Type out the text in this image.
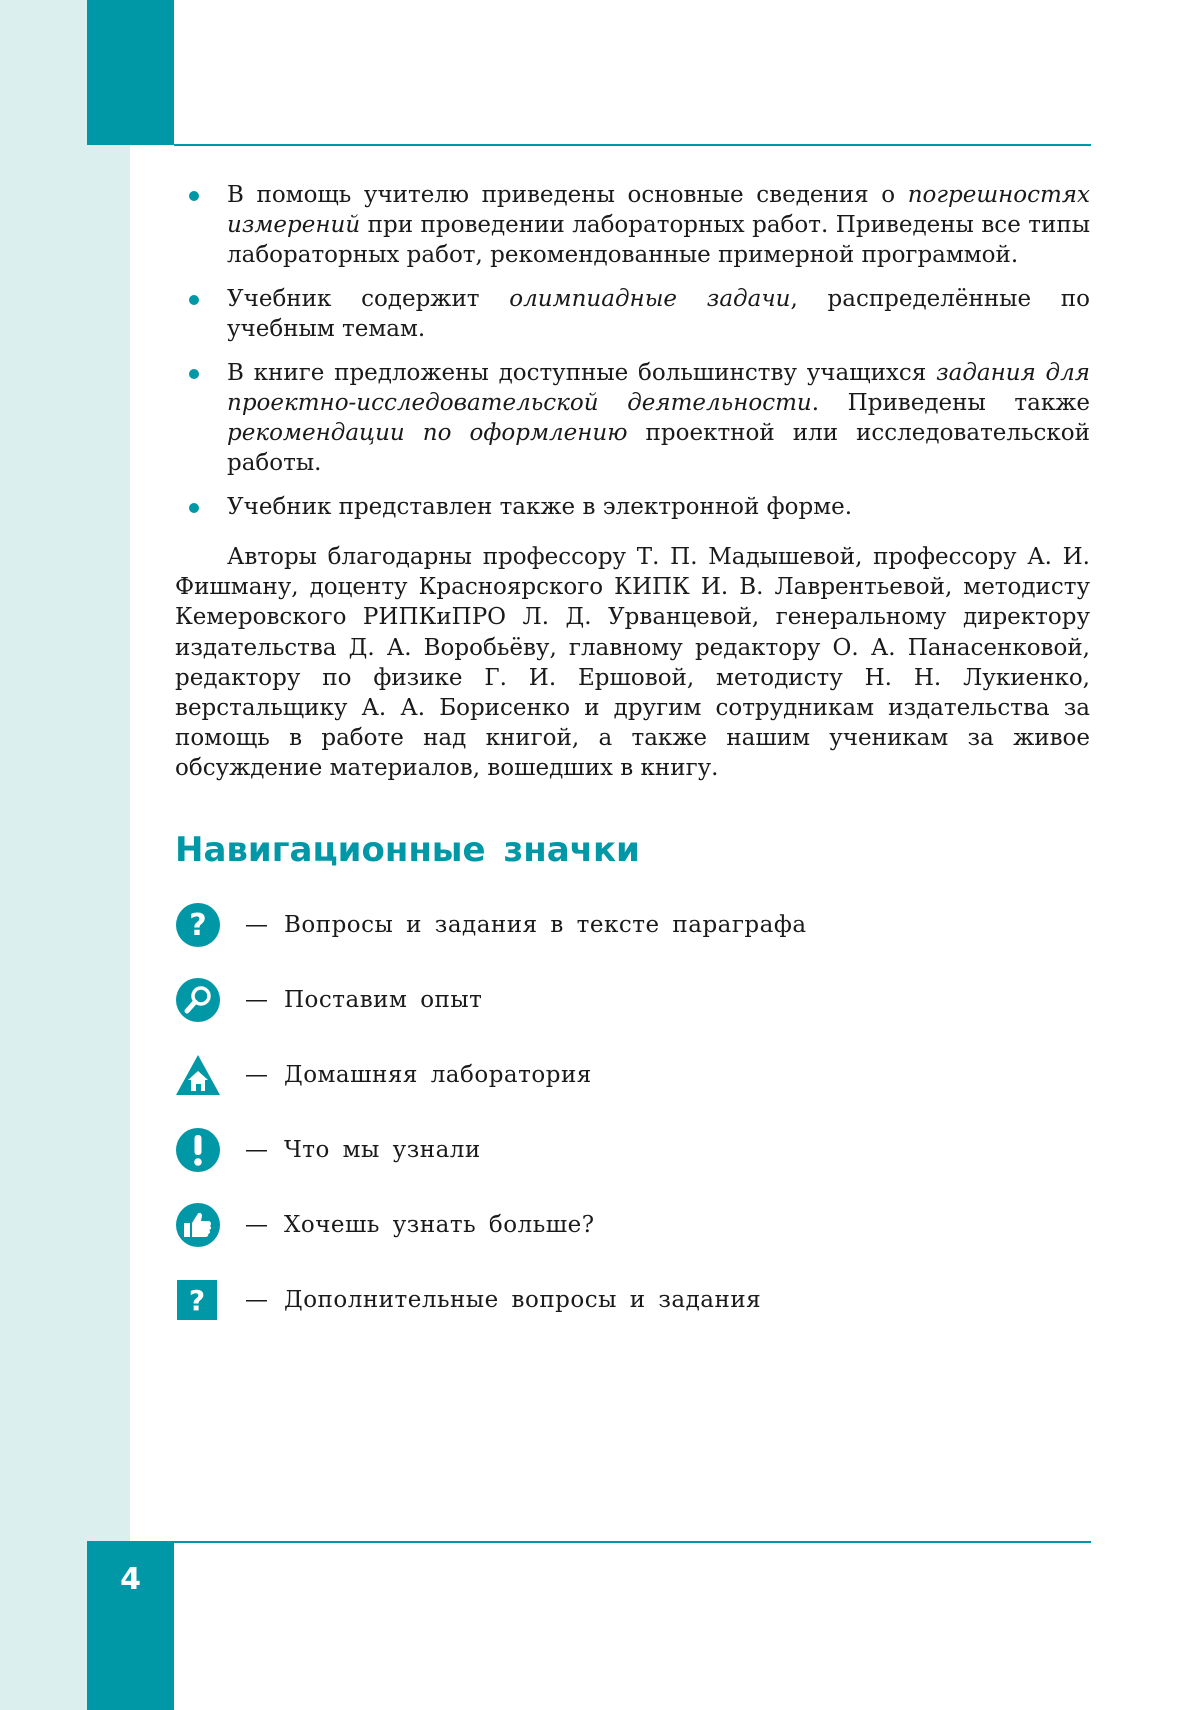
В помощь учителю приведены основные сведения о погрешностях измерений при проведении лабораторных работ. Приведены все типы лабораторных работ, рекомендованные примерной программой.
Учебник содержит олимпиадные задачи, распределённые по учебным темам.
В книге предложены доступные большинству учащихся задания для проектно-исследовательской деятельности. Приведены также рекомендации по оформлению проектной или исследовательской работы.
Учебник представлен также в электронной форме.

Авторы благодарны профессору Т. П. Мадышевой, профессору А. И. Фишману, доценту Красноярского КИПК И. В. Лаврентьевой, методисту Кемеровского РИПКиПРО Л. Д. Урванцевой, генеральному директору издательства Д. А. Воробьёву, главному редактору О. А. Панасенковой, редактору по физике Г. И. Ершовой, методисту Н. Н. Лукиенко, верстальщику А. А. Борисенко и другим сотрудникам издательства за помощь в работе над книгой, а также нашим ученикам за живое обсуждение материалов, вошедших в книгу.

Навигационные значки
? — Вопросы и задания в тексте параграфа
— Поставим опыт
— Домашняя лаборатория
— Что мы узнали
— Хочешь узнать больше?
? — Дополнительные вопросы и задания
4
